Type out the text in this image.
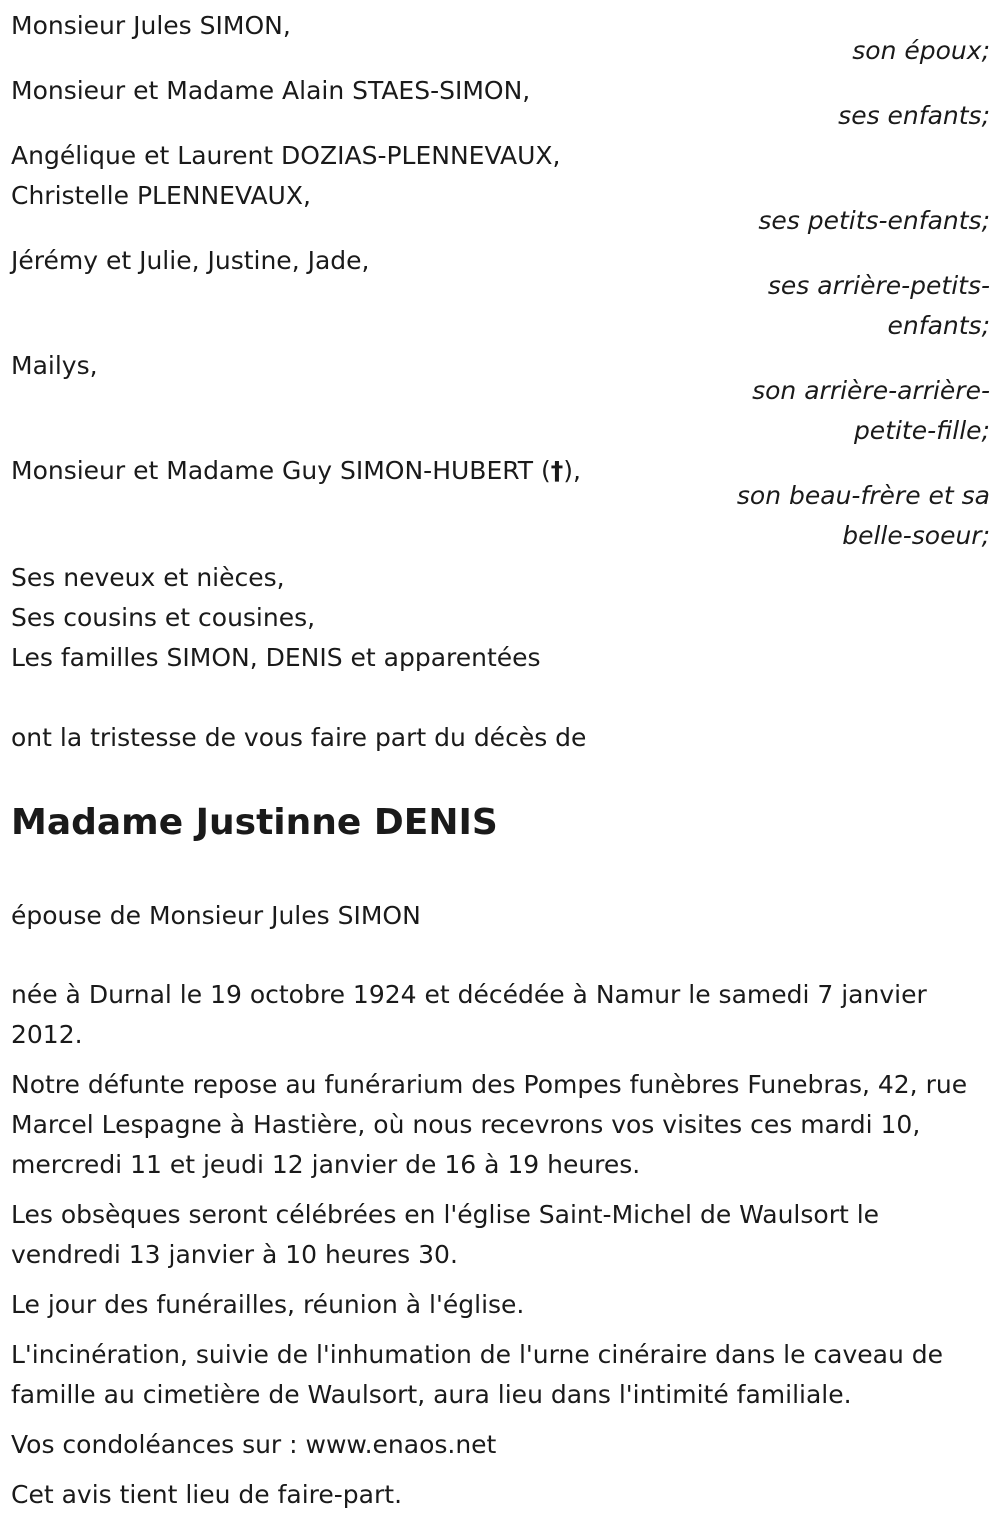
Monsieur Jules SIMON,
son époux;
Monsieur et Madame Alain STAES-SIMON,
ses enfants;
Angélique et Laurent DOZIAS-PLENNEVAUX,
Christelle PLENNEVAUX,
ses petits-enfants;
Jérémy et Julie, Justine, Jade,
ses arrière-petits-enfants;
Mailys,
son arrière-arrière-petite-fille;
Monsieur et Madame Guy SIMON-HUBERT (†),
son beau-frère et sa belle-soeur;
Ses neveux et nièces,
Ses cousins et cousines,
Les familles SIMON, DENIS et apparentées
ont la tristesse de vous faire part du décès de
Madame Justinne DENIS
épouse de Monsieur Jules SIMON
née à Durnal le 19 octobre 1924 et décédée à Namur le samedi 7 janvier 2012.
Notre défunte repose au funérarium des Pompes funèbres Funebras, 42, rue Marcel Lespagne à Hastière, où nous recevrons vos visites ces mardi 10, mercredi 11 et jeudi 12 janvier de 16 à 19 heures.
Les obsèques seront célébrées en l'église Saint-Michel de Waulsort le vendredi 13 janvier à 10 heures 30.
Le jour des funérailles, réunion à l'église.
L'incinération, suivie de l'inhumation de l'urne cinéraire dans le caveau de famille au cimetière de Waulsort, aura lieu dans l'intimité familiale.
Vos condoléances sur : www.enaos.net
Cet avis tient lieu de faire-part.
